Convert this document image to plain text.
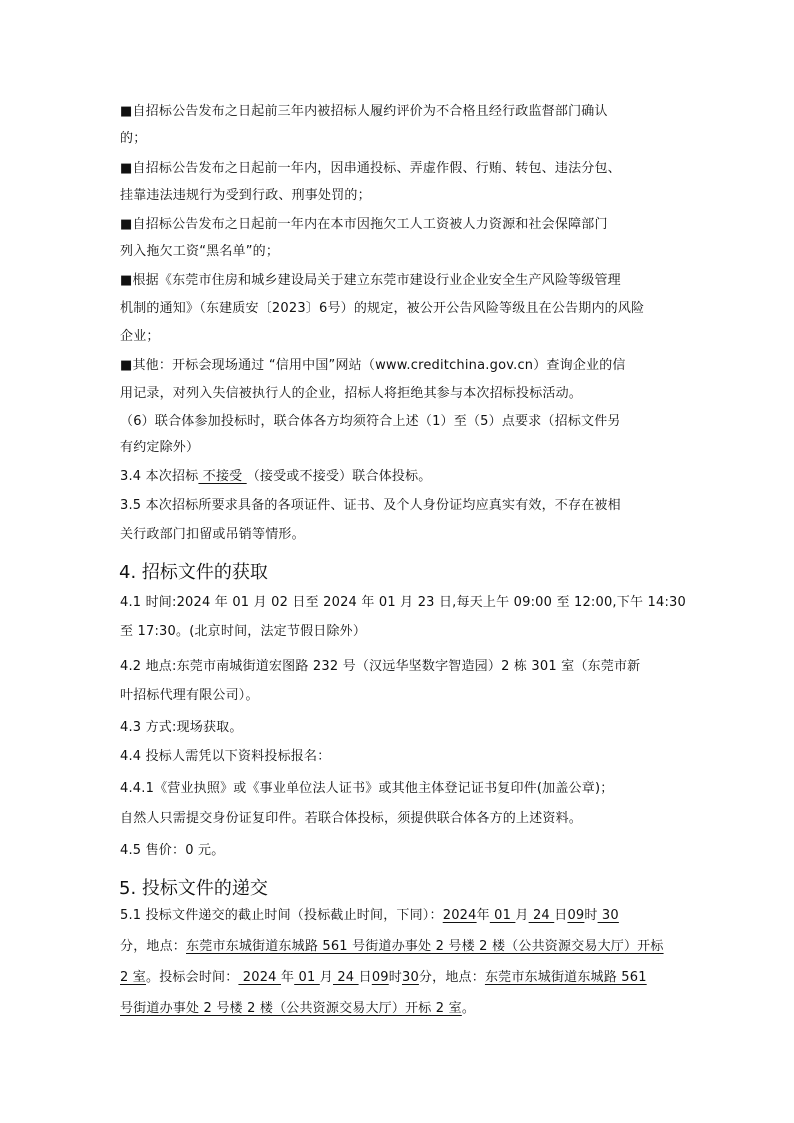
■自招标公告发布之日起前三年内被招标人履约评价为不合格且经行政监督部门确认
的；
■自招标公告发布之日起前一年内，因串通投标、弄虚作假、行贿、转包、违法分包、
挂靠违法违规行为受到行政、刑事处罚的；
■自招标公告发布之日起前一年内在本市因拖欠工人工资被人力资源和社会保障部门
列入拖欠工资“黑名单”的；
■根据《东莞市住房和城乡建设局关于建立东莞市建设行业企业安全生产风险等级管理
机制的通知》（东建质安〔2023〕6号）的规定，被公开公告风险等级且在公告期内的风险
企业；
■其他：开标会现场通过 “信用中国”网站（www.creditchina.gov.cn）查询企业的信
用记录，对列入失信被执行人的企业，招标人将拒绝其参与本次招标投标活动。
（6）联合体参加投标时，联合体各方均须符合上述（1）至（5）点要求（招标文件另
有约定除外）
3.4 本次招标 不接受 （接受或不接受）联合体投标。
3.5 本次招标所要求具备的各项证件、证书、及个人身份证均应真实有效，不存在被相
关行政部门扣留或吊销等情形。
4. 招标文件的获取
4.1 时间:2024 年 01 月 02 日至 2024 年 01 月 23 日,每天上午 09:00 至 12:00,下午 14:30
至 17:30。(北京时间，法定节假日除外）
4.2 地点:东莞市南城街道宏图路 232 号（汉远华坚数字智造园）2 栋 301 室（东莞市新
叶招标代理有限公司）。
4.3 方式:现场获取。
4.4 投标人需凭以下资料投标报名：
4.4.1《营业执照》或《事业单位法人证书》或其他主体登记证书复印件(加盖公章)；
自然人只需提交身份证复印件。若联合体投标，须提供联合体各方的上述资料。
4.5 售价：0 元。
5. 投标文件的递交
5.1 投标文件递交的截止时间（投标截止时间，下同）：2024年 01 月 24 日09时 30
分，地点：东莞市东城街道东城路 561 号街道办事处 2 号楼 2 楼（公共资源交易大厅）开标
2 室。投标会时间： 2024 年 01 月 24 日09时30分，地点：东莞市东城街道东城路 561
号街道办事处 2 号楼 2 楼（公共资源交易大厅）开标 2 室。
